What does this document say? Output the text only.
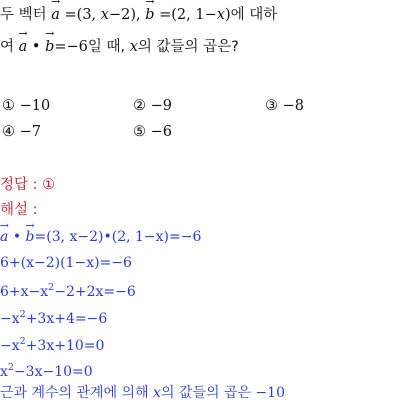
두 벡터
→
a =(3, x−2),
→
b =(2, 1−x)에 대하
여
→
a •
→
b=−6일 때, x의 값들의 곱은?
① −10	② −9	③ −8
④ −7	⑤ −6
정답 : ①
해설 :
→
a •
→
b=(3, x−2)•(2, 1−x)=−6
6+(x−2)(1−x)=−6
$6+x-x^2-2+2x=-6$
$-x^2+3x+4=-6$
$-x^2+3x+10=0$
$x^2-3x-10=0$
근과 계수의 관계에 의해 x의 값들의 곱은 −10
